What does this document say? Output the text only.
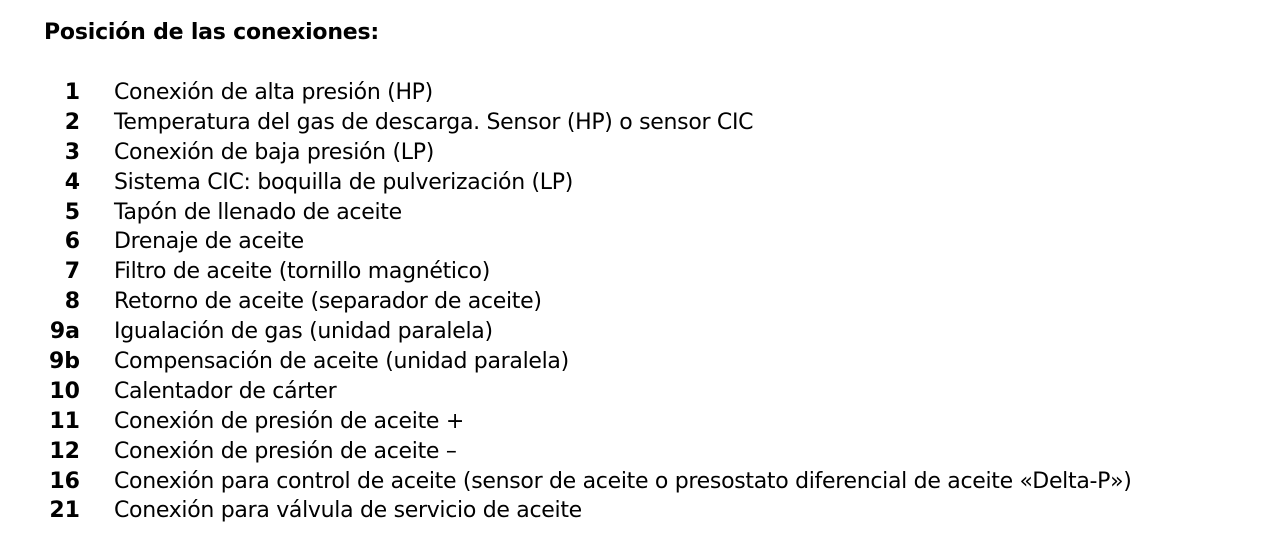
Posición de las conexiones:
1 Conexión de alta presión (HP)
2 Temperatura del gas de descarga. Sensor (HP) o sensor CIC
3 Conexión de baja presión (LP)
4 Sistema CIC: boquilla de pulverización (LP)
5 Tapón de llenado de aceite
6 Drenaje de aceite
7 Filtro de aceite (tornillo magnético)
8 Retorno de aceite (separador de aceite)
9a Igualación de gas (unidad paralela)
9b Compensación de aceite (unidad paralela)
10 Calentador de cárter
11 Conexión de presión de aceite +
12 Conexión de presión de aceite –
16 Conexión para control de aceite (sensor de aceite o presostato diferencial de aceite «Delta-P»)
21 Conexión para válvula de servicio de aceite
